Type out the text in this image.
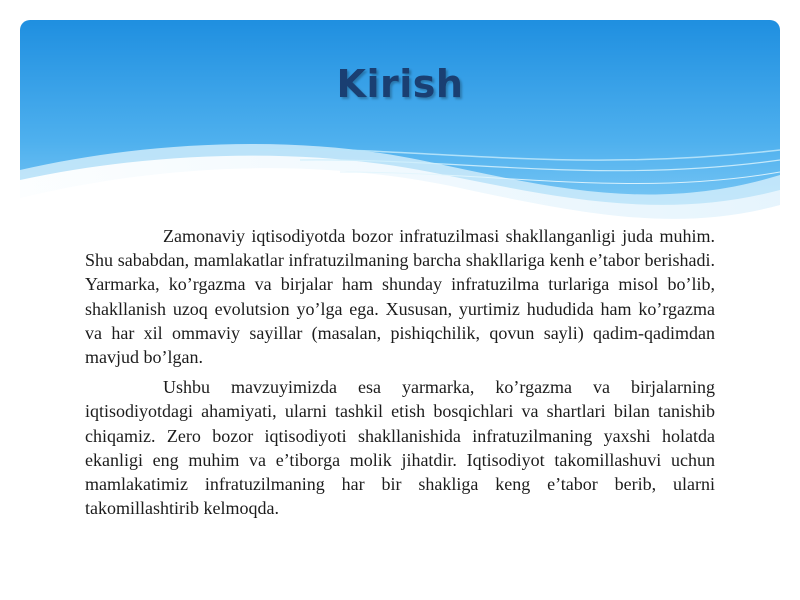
Kirish

Zamonaviy iqtisodiyotda bozor infratuzilmasi shakllanganligi juda muhim. Shu sababdan, mamlakatlar infratuzilmaning barcha shakllariga kenh e’tabor berishadi. Yarmarka, ko’rgazma va birjalar ham shunday infratuzilma turlariga misol bo’lib, shakllanish uzoq evolutsion yo’lga ega. Xususan, yurtimiz hududida ham ko’rgazma va har xil ommaviy sayillar (masalan, pishiqchilik, qovun sayli) qadim-qadimdan mavjud bo’lgan.

Ushbu mavzuyimizda esa yarmarka, ko’rgazma va birjalarning iqtisodiyotdagi ahamiyati, ularni tashkil etish bosqichlari va shartlari bilan tanishib chiqamiz. Zero bozor iqtisodiyoti shakllanishida infratuzilmaning yaxshi holatda ekanligi eng muhim va e’tiborga molik jihatdir. Iqtisodiyot takomillashuvi uchun mamlakatimiz infratuzilmaning har bir shakliga keng e’tabor berib, ularni takomillashtirib kelmoqda.
